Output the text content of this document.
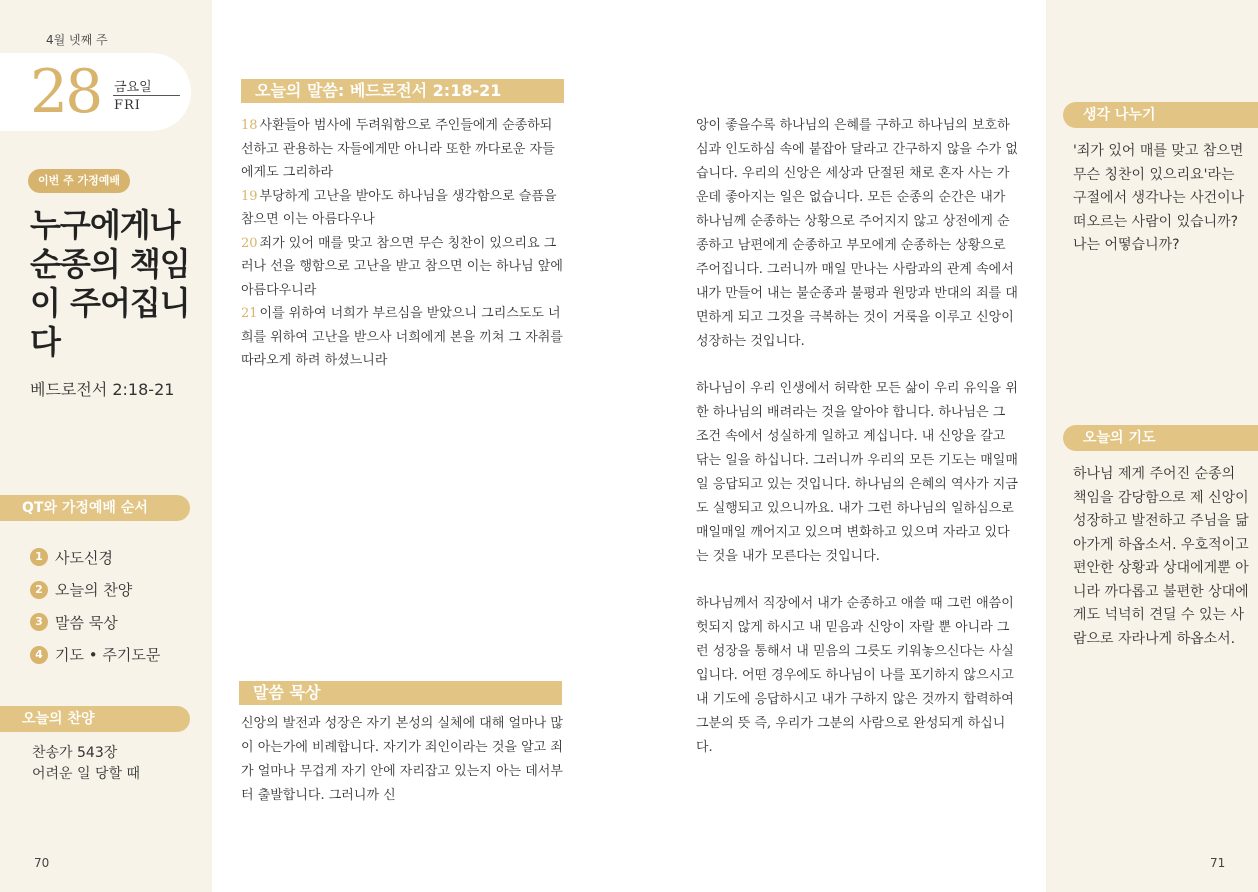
4월 넷째 주
28 금요일
FRI
이번 주 가정예배
누구에게나 순종의 책임이 주어집니다
베드로전서 2:18-21
QT와 가정예배 순서
1 사도신경
2 오늘의 찬양
3 말씀 묵상
4 기도 • 주기도문
오늘의 찬양
찬송가 543장
어려운 일 당할 때
70
오늘의 말씀: 베드로전서 2:18-21
18 사환들아 범사에 두려워함으로 주인들에게 순종하되 선하고 관용하는 자들에게만 아니라 또한 까다로운 자들에게도 그리하라
19 부당하게 고난을 받아도 하나님을 생각함으로 슬픔을 참으면 이는 아름다우나
20 죄가 있어 매를 맞고 참으면 무슨 칭찬이 있으리요 그러나 선을 행함으로 고난을 받고 참으면 이는 하나님 앞에 아름다우니라
21 이를 위하여 너희가 부르심을 받았으니 그리스도도 너희를 위하여 고난을 받으사 너희에게 본을 끼쳐 그 자취를 따라오게 하려 하셨느니라
말씀 묵상
신앙의 발전과 성장은 자기 본성의 실체에 대해 얼마나 많이 아는가에 비례합니다. 자기가 죄인이라는 것을 알고 죄가 얼마나 무겁게 자기 안에 자리잡고 있는지 아는 데서부터 출발합니다. 그러니까 신

앙이 좋을수록 하나님의 은혜를 구하고 하나님의 보호하심과 인도하심 속에 붙잡아 달라고 간구하지 않을 수가 없습니다. 우리의 신앙은 세상과 단절된 채로 혼자 사는 가운데 좋아지는 일은 없습니다. 모든 순종의 순간은 내가 하나님께 순종하는 상황으로 주어지지 않고 상전에게 순종하고 남편에게 순종하고 부모에게 순종하는 상황으로 주어집니다. 그러니까 매일 만나는 사람과의 관계 속에서 내가 만들어 내는 불순종과 불평과 원망과 반대의 죄를 대면하게 되고 그것을 극복하는 것이 거룩을 이루고 신앙이 성장하는 것입니다.

하나님이 우리 인생에서 허락한 모든 삶이 우리 유익을 위한 하나님의 배려라는 것을 알아야 합니다. 하나님은 그 조건 속에서 성실하게 일하고 계십니다. 내 신앙을 갈고 닦는 일을 하십니다. 그러니까 우리의 모든 기도는 매일매일 응답되고 있는 것입니다. 하나님의 은혜의 역사가 지금도 실행되고 있으니까요. 내가 그런 하나님의 일하심으로 매일매일 깨어지고 있으며 변화하고 있으며 자라고 있다는 것을 내가 모른다는 것입니다.

하나님께서 직장에서 내가 순종하고 애쓸 때 그런 애씀이 헛되지 않게 하시고 내 믿음과 신앙이 자랄 뿐 아니라 그런 성장을 통해서 내 믿음의 그릇도 키워놓으신다는 사실입니다. 어떤 경우에도 하나님이 나를 포기하지 않으시고 내 기도에 응답하시고 내가 구하지 않은 것까지 합력하여 그분의 뜻 즉, 우리가 그분의 사람으로 완성되게 하십니다.

생각 나누기
'죄가 있어 매를 맞고 참으면 무슨 칭찬이 있으리요'라는 구절에서 생각나는 사건이나 떠오르는 사람이 있습니까? 나는 어떻습니까?
오늘의 기도
하나님 제게 주어진 순종의 책임을 감당함으로 제 신앙이 성장하고 발전하고 주님을 닮아가게 하옵소서. 우호적이고 편안한 상황과 상대에게뿐 아니라 까다롭고 불편한 상대에게도 넉넉히 견딜 수 있는 사람으로 자라나게 하옵소서.
71
